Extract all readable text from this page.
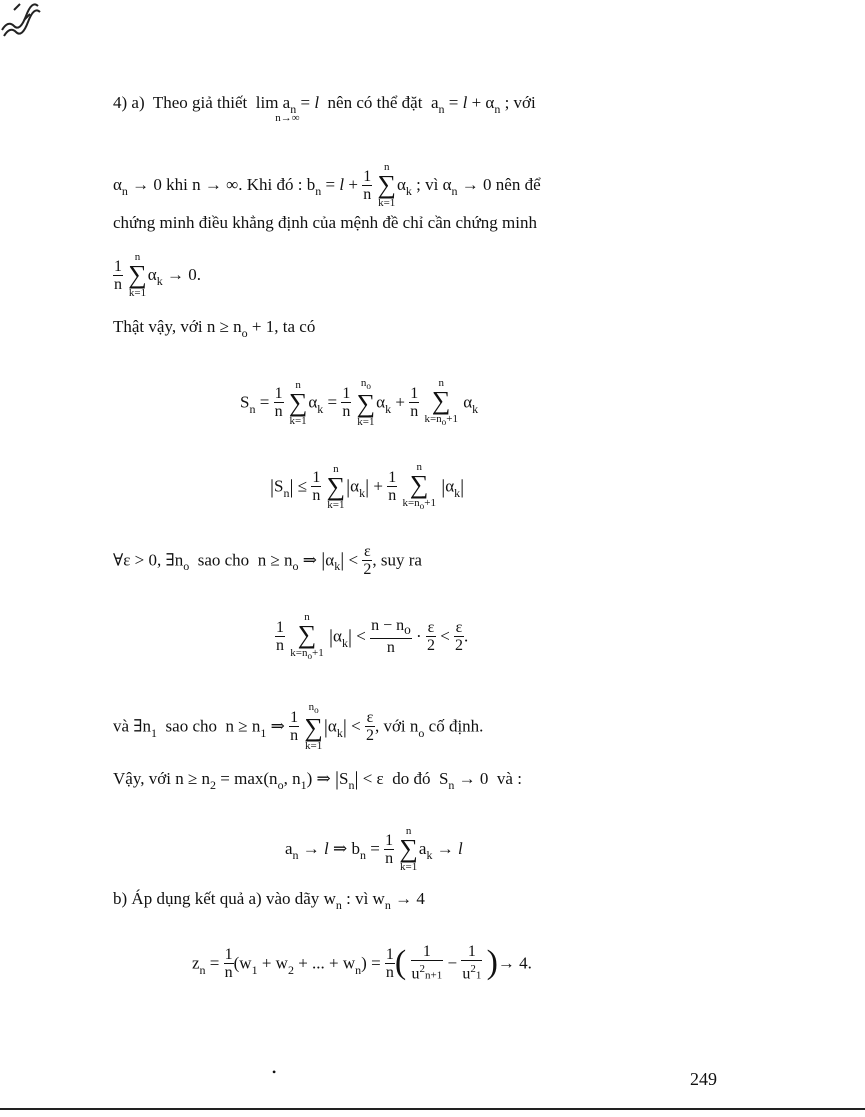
4) a) Theo giả thiết $\lim a_n = l$
n→∞
nên có thể đặt  $a_n = l + \alpha_n$ ; với
$\alpha_n \to 0$ khi n → ∞. Khi đó : $b_n = l + \frac{1}{n}$

n
∑
k=1
$\alpha_k$ ; vì $\alpha_n \to 0$ nên để
chứng minh điều khẳng định của mệnh đề chỉ cần chứng minh
$\frac{1}{n}$

n
∑
k=1
$\alpha_k \to 0$.
Thật vậy, với $n \ge n_o + 1$, ta có
$S_n = \frac{1}{n}$

n
∑
k=1
$\alpha_k = \frac{1}{n}$

$n_o$
∑
k=1
$\alpha_k + \frac{1}{n}$

n
∑
$k=n_o+1$
$\alpha_k$
$|S_n| \le \frac{1}{n}$

n
∑
k=1
$|\alpha_k| + \frac{1}{n}$

n
∑
$k=n_o+1$
$|\alpha_k|$
∀ε > 0, $\exists n_o$ sao cho  $n \ge n_o$ ⇒ $|\alpha_k| < \frac{\varepsilon}{2}$ , suy ra
$\frac{1}{n}$

n
∑
$k=n_o+1$
$|\alpha_k| < \frac{n - n_o}{n} \cdot \frac{\varepsilon}{2} < \frac{\varepsilon}{2}$ .
và $\exists n_1$ sao cho  $n \ge n_1$ ⇒ $\frac{1}{n}$

$n_o$
∑
k=1
$|\alpha_k| < \frac{\varepsilon}{2}$ , với $n_o$ cố định.
Vậy, với $n \ge n_2 = \max(n_o$, $n_1$) ⇒ $|S_n| < \varepsilon$  do đó  $S_n \to 0$  và :
$a_n \to l$ ⇒ $b_n = \frac{1}{n}$

n
∑
k=1
$a_k \to l$
b) Áp dụng kết quả a) vào dãy $w_n$ : vì $w_n \to 4$
$z_n = \frac{1}{n} (w_1 + w_2$ + ... + $w_n) = \frac{1}{n}$ ( $\frac{1}{u^2n+1} - \frac{1}{u^21}$ )→ 4.
•	249
